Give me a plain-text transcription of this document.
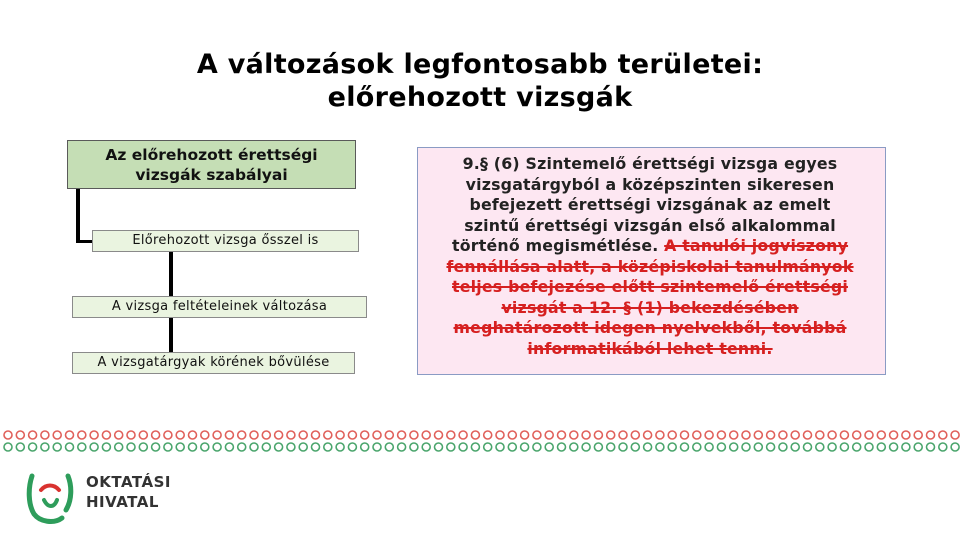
A változások legfontosabb területei:
előrehozott vizsgák
Az előrehozott érettségi
vizsgák szabályai
Előrehozott vizsga ősszel is
A vizsga feltételeinek változása
A vizsgatárgyak körének bővülése
9.§ (6) Szintemelő érettségi vizsga egyes
vizsgatárgyból a középszinten sikeresen
befejezett érettségi vizsgának az emelt
szintű érettségi vizsgán első alkalommal
történő megismétlése. A tanulói jogviszony
fennállása alatt, a középiskolai tanulmányok
teljes befejezése előtt szintemelő érettségi
vizsgát a 12. § (1) bekezdésében
meghatározott idegen nyelvekből, továbbá
informatikából lehet tenni.
OKTATÁSI
HIVATAL
